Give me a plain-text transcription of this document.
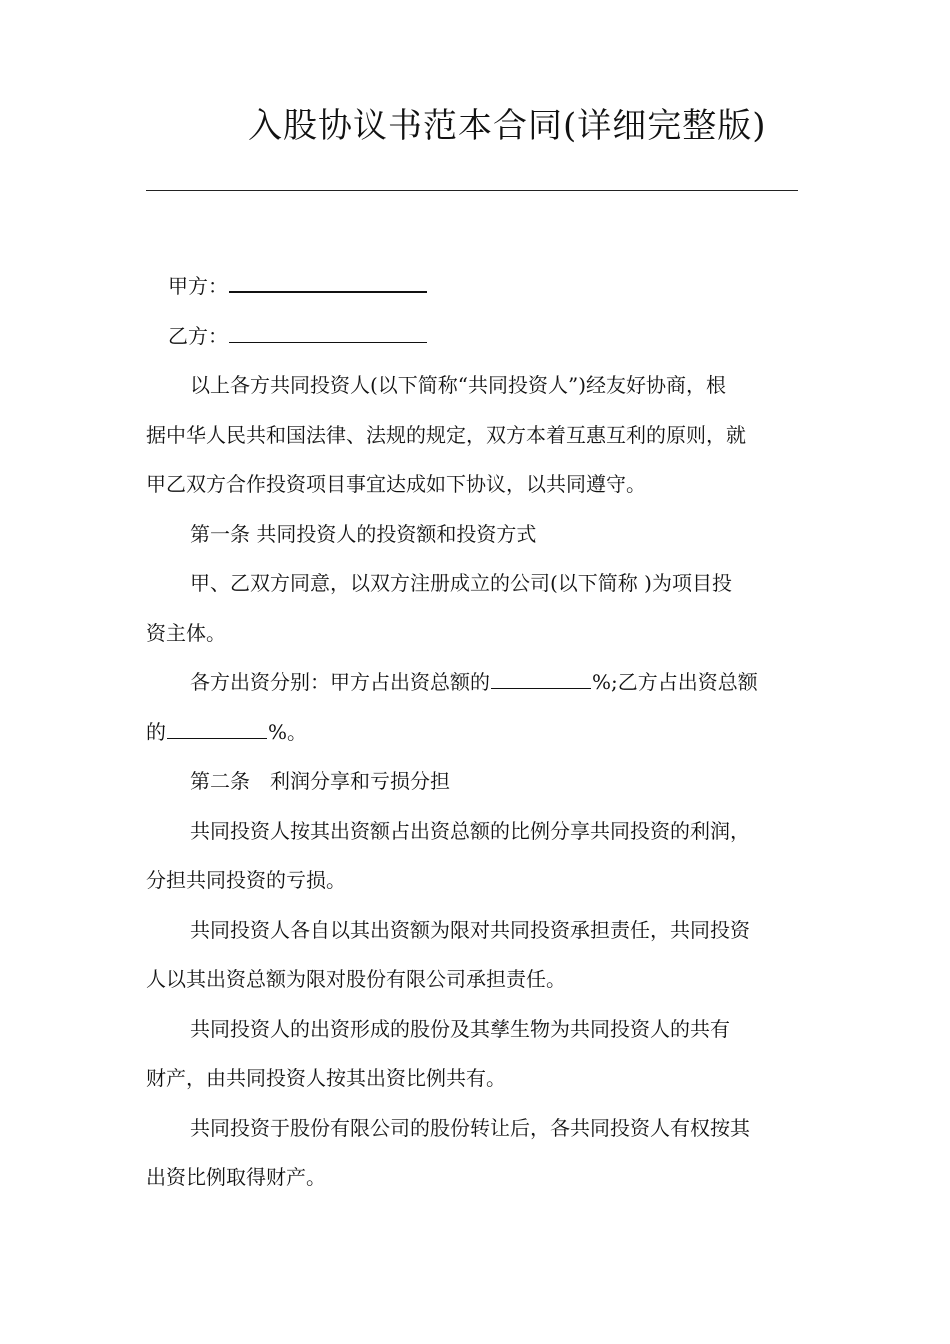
入股协议书范本合同(详细完整版)
甲方：
乙方：
以上各方共同投资人(以下简称“共同投资人”)经友好协商，根
据中华人民共和国法律、法规的规定，双方本着互惠互利的原则，就
甲乙双方合作投资项目事宜达成如下协议，以共同遵守。
第一条 共同投资人的投资额和投资方式
甲、乙双方同意，以双方注册成立的公司(以下简称 )为项目投
资主体。
各方出资分别：甲方占出资总额的	%;乙方占出资总额
的	%。
第二条　利润分享和亏损分担
共同投资人按其出资额占出资总额的比例分享共同投资的利润，
分担共同投资的亏损。
共同投资人各自以其出资额为限对共同投资承担责任，共同投资
人以其出资总额为限对股份有限公司承担责任。
共同投资人的出资形成的股份及其孳生物为共同投资人的共有
财产，由共同投资人按其出资比例共有。
共同投资于股份有限公司的股份转让后，各共同投资人有权按其
出资比例取得财产。
